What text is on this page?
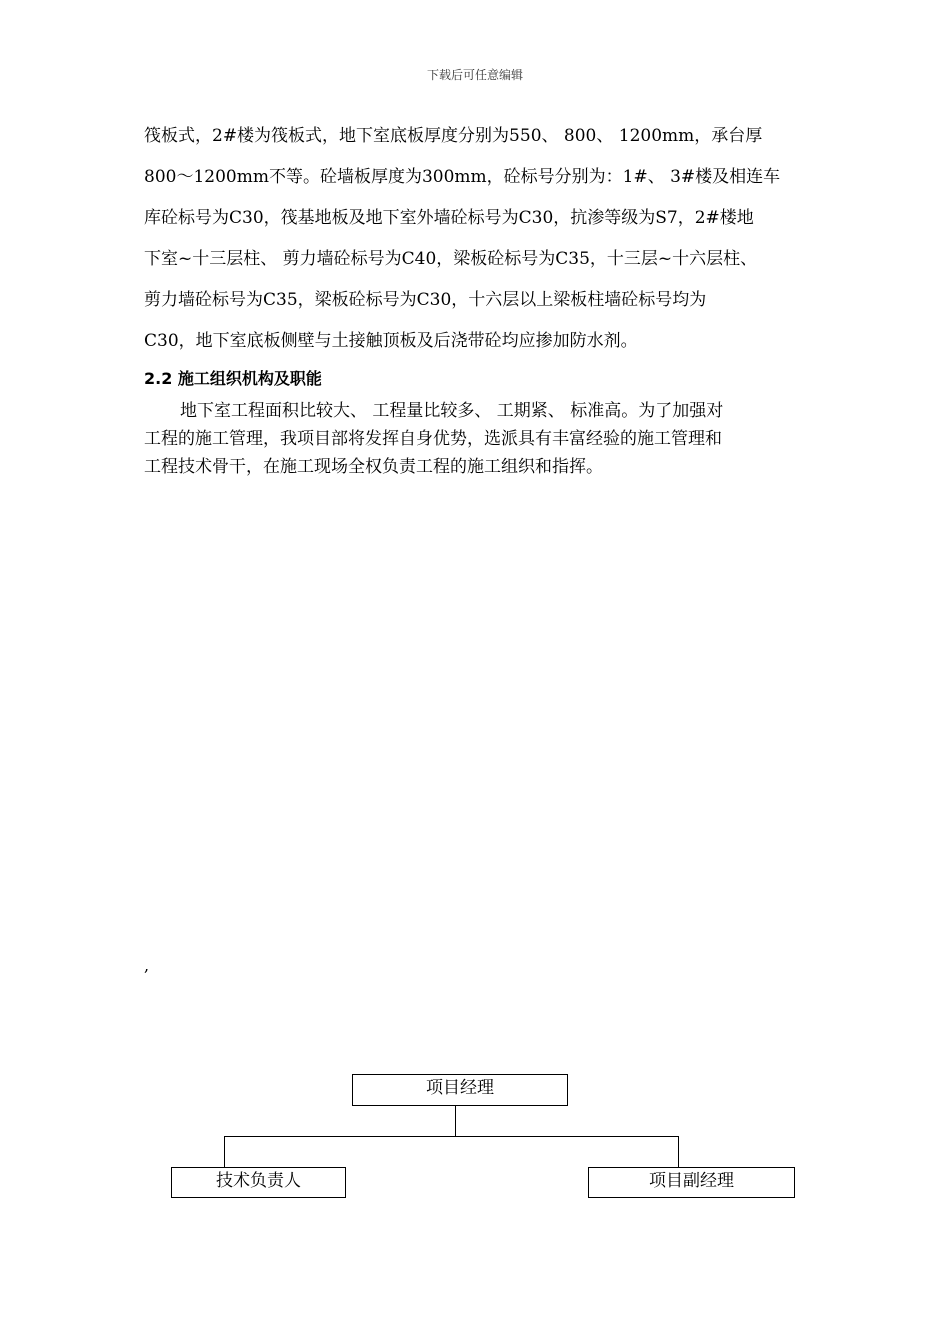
下载后可任意编辑
筏板式，2#楼为筏板式，地下室底板厚度分别为550、 800、 1200mm，承台厚
800～1200mm不等。砼墙板厚度为300mm，砼标号分别为：1#、 3#楼及相连车
库砼标号为C30，筏基地板及地下室外墙砼标号为C30，抗渗等级为S7，2#楼地
下室~十三层柱、 剪力墙砼标号为C40，梁板砼标号为C35，十三层~十六层柱、
剪力墙砼标号为C35，梁板砼标号为C30，十六层以上梁板柱墙砼标号均为
C30，地下室底板侧壁与土接触顶板及后浇带砼均应掺加防水剂。
2.2 施工组织机构及职能
地下室工程面积比较大、 工程量比较多、 工期紧、 标准高。为了加强对
工程的施工管理，我项目部将发挥自身优势，选派具有丰富经验的施工管理和
工程技术骨干，在施工现场全权负责工程的施工组织和指挥。
,
项目经理
技术负责人	项目副经理
